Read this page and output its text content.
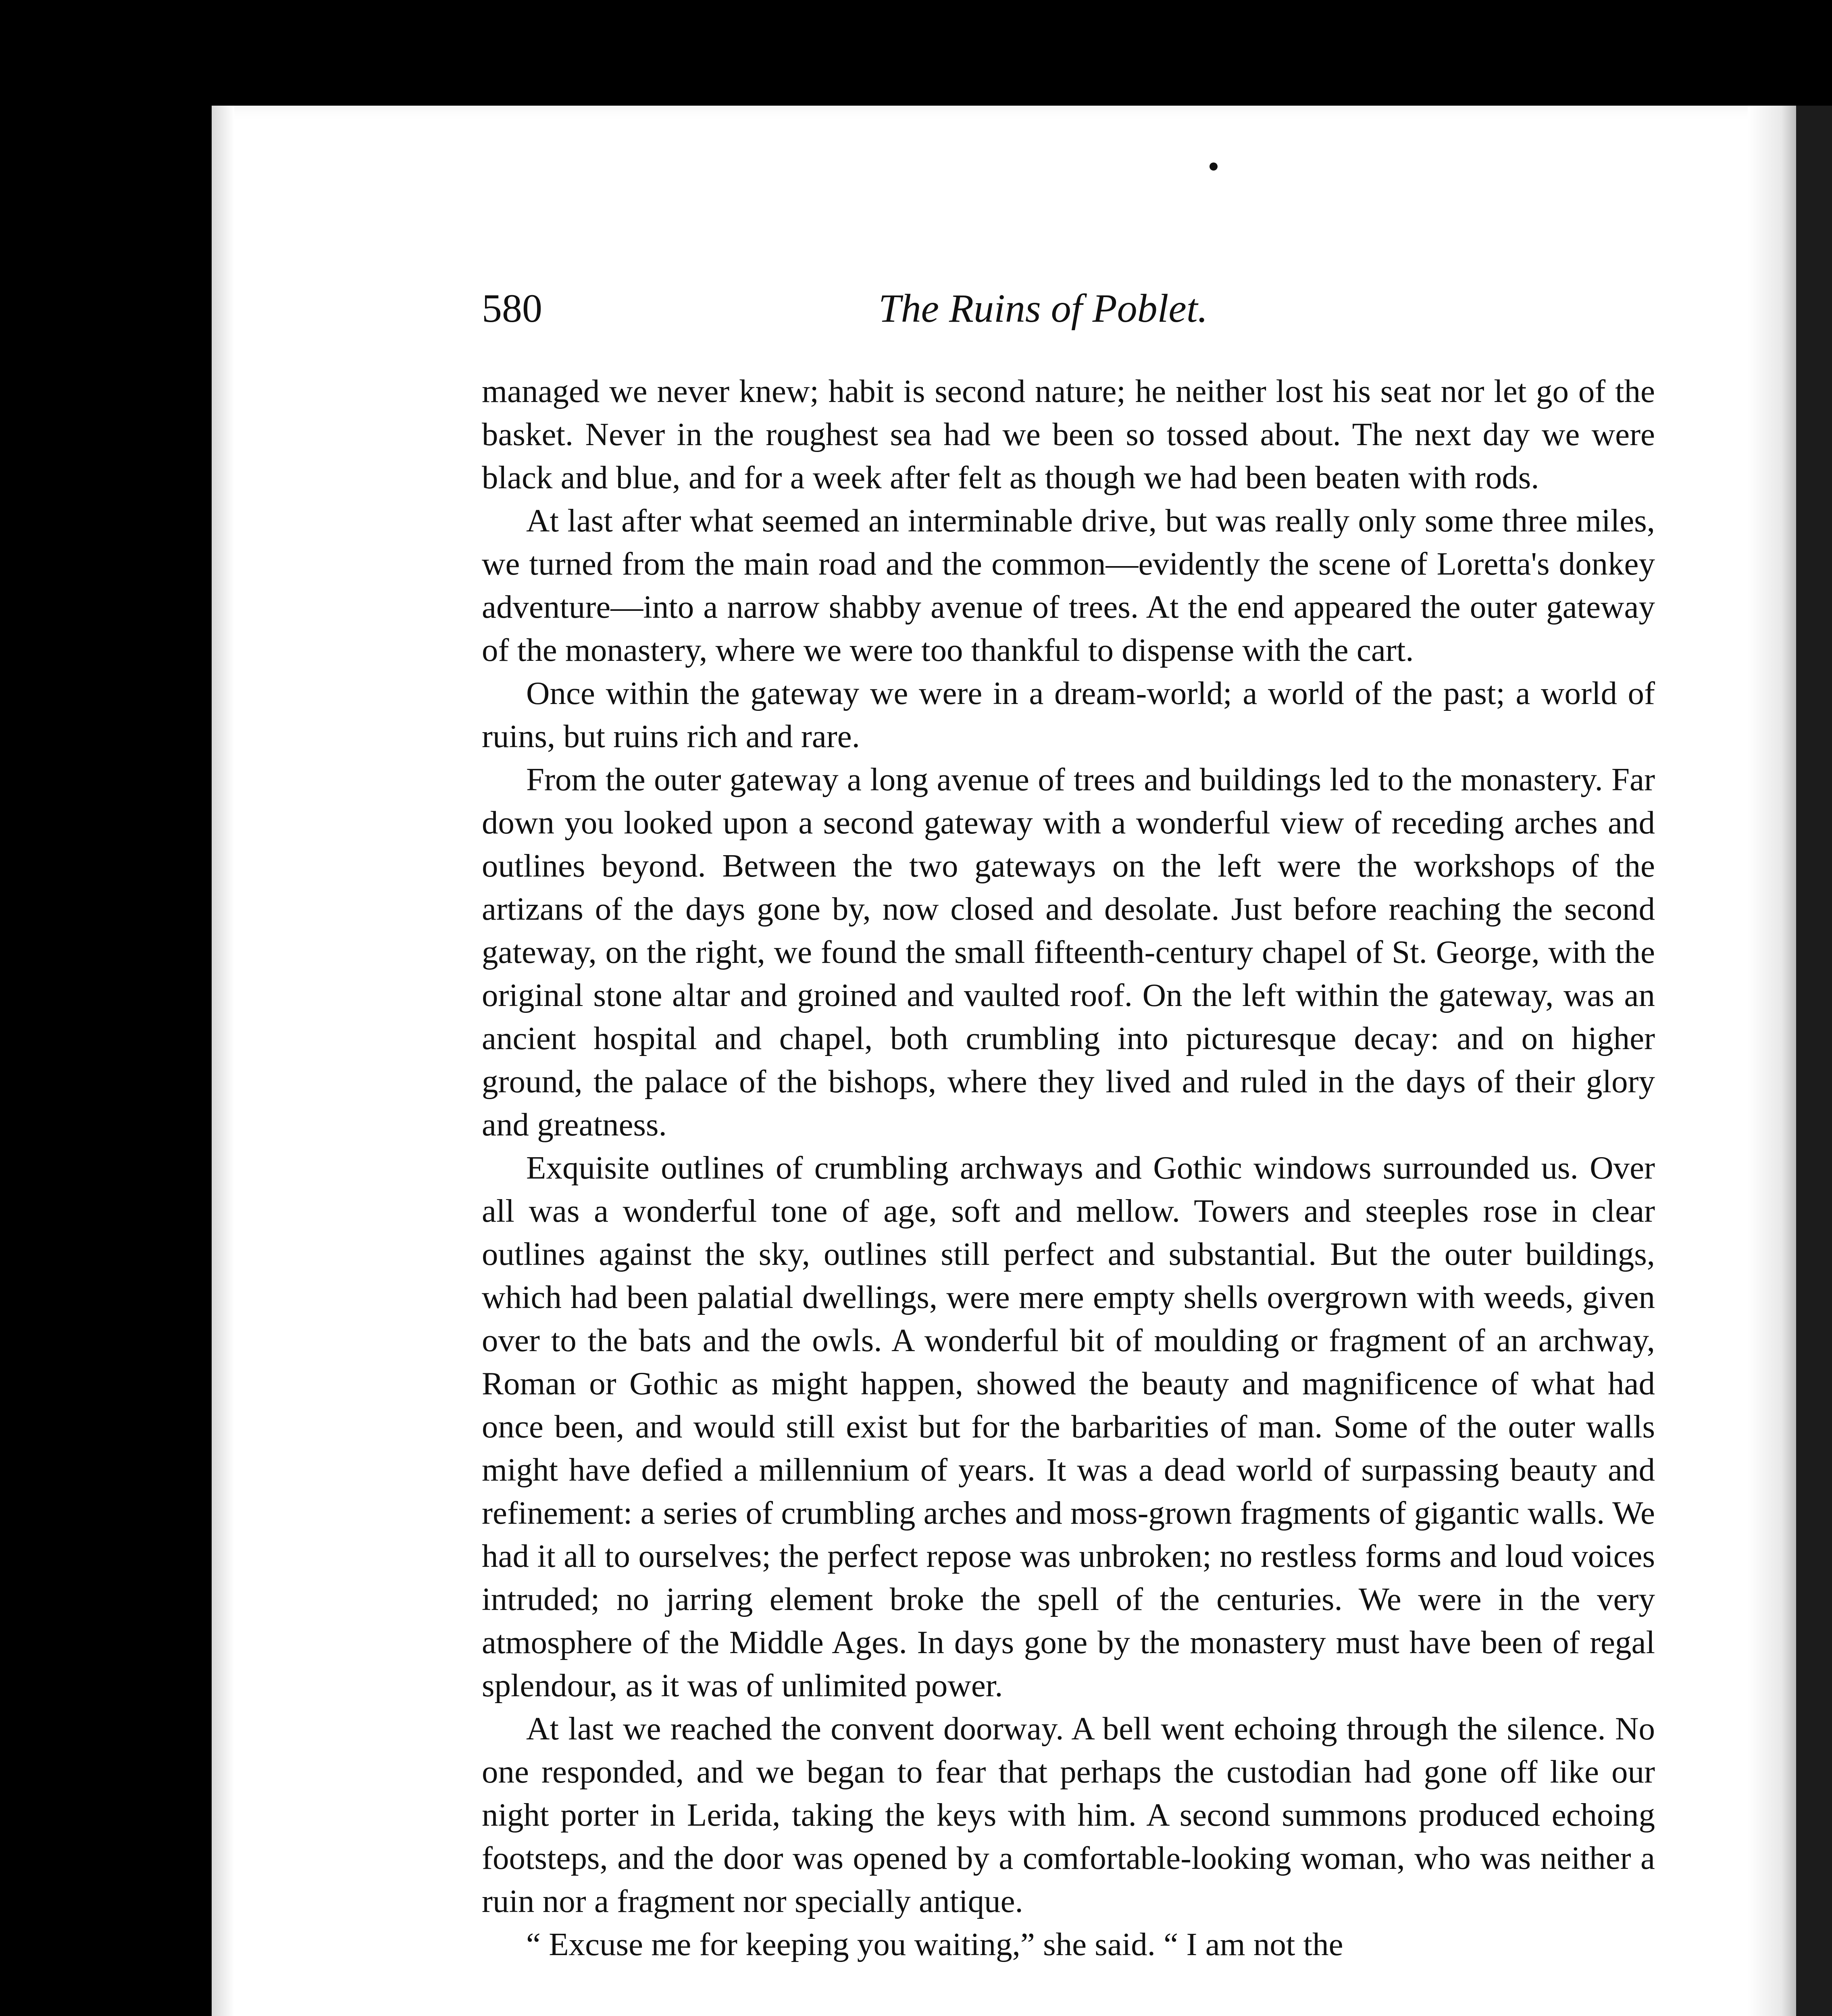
580	The Ruins of Poblet.

managed we never knew; habit is second nature; he neither lost his seat nor let go of the basket. Never in the roughest sea had we been so tossed about. The next day we were black and blue, and for a week after felt as though we had been beaten with rods.

At last after what seemed an interminable drive, but was really only some three miles, we turned from the main road and the common—evidently the scene of Loretta's donkey adventure—into a narrow shabby avenue of trees. At the end appeared the outer gateway of the monastery, where we were too thankful to dispense with the cart.

Once within the gateway we were in a dream-world; a world of the past; a world of ruins, but ruins rich and rare.

From the outer gateway a long avenue of trees and buildings led to the monastery. Far down you looked upon a second gateway with a wonderful view of receding arches and outlines beyond. Between the two gateways on the left were the workshops of the artizans of the days gone by, now closed and desolate. Just before reaching the second gateway, on the right, we found the small fifteenth-century chapel of St. George, with the original stone altar and groined and vaulted roof. On the left within the gateway, was an ancient hospital and chapel, both crumbling into picturesque decay: and on higher ground, the palace of the bishops, where they lived and ruled in the days of their glory and greatness.

Exquisite outlines of crumbling archways and Gothic windows surrounded us. Over all was a wonderful tone of age, soft and mellow. Towers and steeples rose in clear outlines against the sky, outlines still perfect and substantial. But the outer buildings, which had been palatial dwellings, were mere empty shells overgrown with weeds, given over to the bats and the owls. A wonderful bit of moulding or fragment of an archway, Roman or Gothic as might happen, showed the beauty and magnificence of what had once been, and would still exist but for the barbarities of man. Some of the outer walls might have defied a millennium of years. It was a dead world of surpassing beauty and refinement: a series of crumbling arches and moss-grown fragments of gigantic walls. We had it all to ourselves; the perfect repose was unbroken; no restless forms and loud voices intruded; no jarring element broke the spell of the centuries. We were in the very atmosphere of the Middle Ages. In days gone by the monastery must have been of regal splendour, as it was of unlimited power.

At last we reached the convent doorway. A bell went echoing through the silence. No one responded, and we began to fear that perhaps the custodian had gone off like our night porter in Lerida, taking the keys with him. A second summons produced echoing footsteps, and the door was opened by a comfortable-looking woman, who was neither a ruin nor a fragment nor specially antique.

“ Excuse me for keeping you waiting,” she said. “ I am not the
